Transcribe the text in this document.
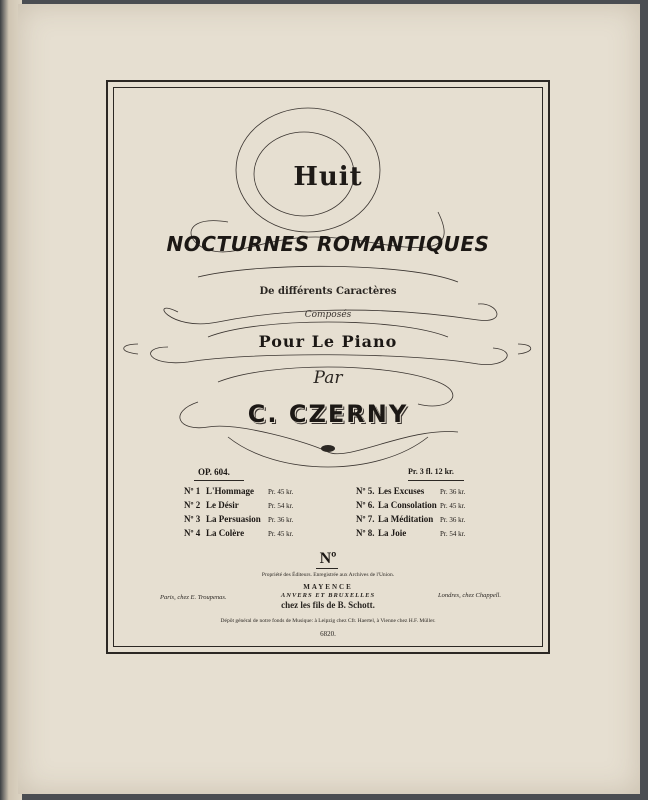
Huit
NOCTURNES ROMANTIQUES
De différents Caractères
Composés
Pour Le Piano
Par
C. CZERNY
OP. 604.	Pr. 3 fl. 12 kr.
Nº 1 L'Hommage	Pr. 45 kr.	Nº 5. Les Excuses	Pr. 36 kr.
Nº 2 Le Désir	Pr. 54 kr.	Nº 6. La Consolation Pr. 45 kr.
Nº 3 La Persuasion	Pr. 36 kr.	Nº 7. La Méditation Pr. 36 kr.
Nº 4 La Colère	Pr. 45 kr.	Nº 8. La Joie	Pr. 54 kr.
Nº
Propriété des Éditeurs. Enregistrée aux Archives de l'Union.
MAYENCE
ANVERS ET BRUXELLES
chez les fils de B. Schott.
Paris, chez E. Troupenas.	Londres, chez Chappell.
Dépôt général de notre fonds de Musique: à Leipzig chez Cfr. Haertel, à Vienne chez H.F. Müller.
6820.
